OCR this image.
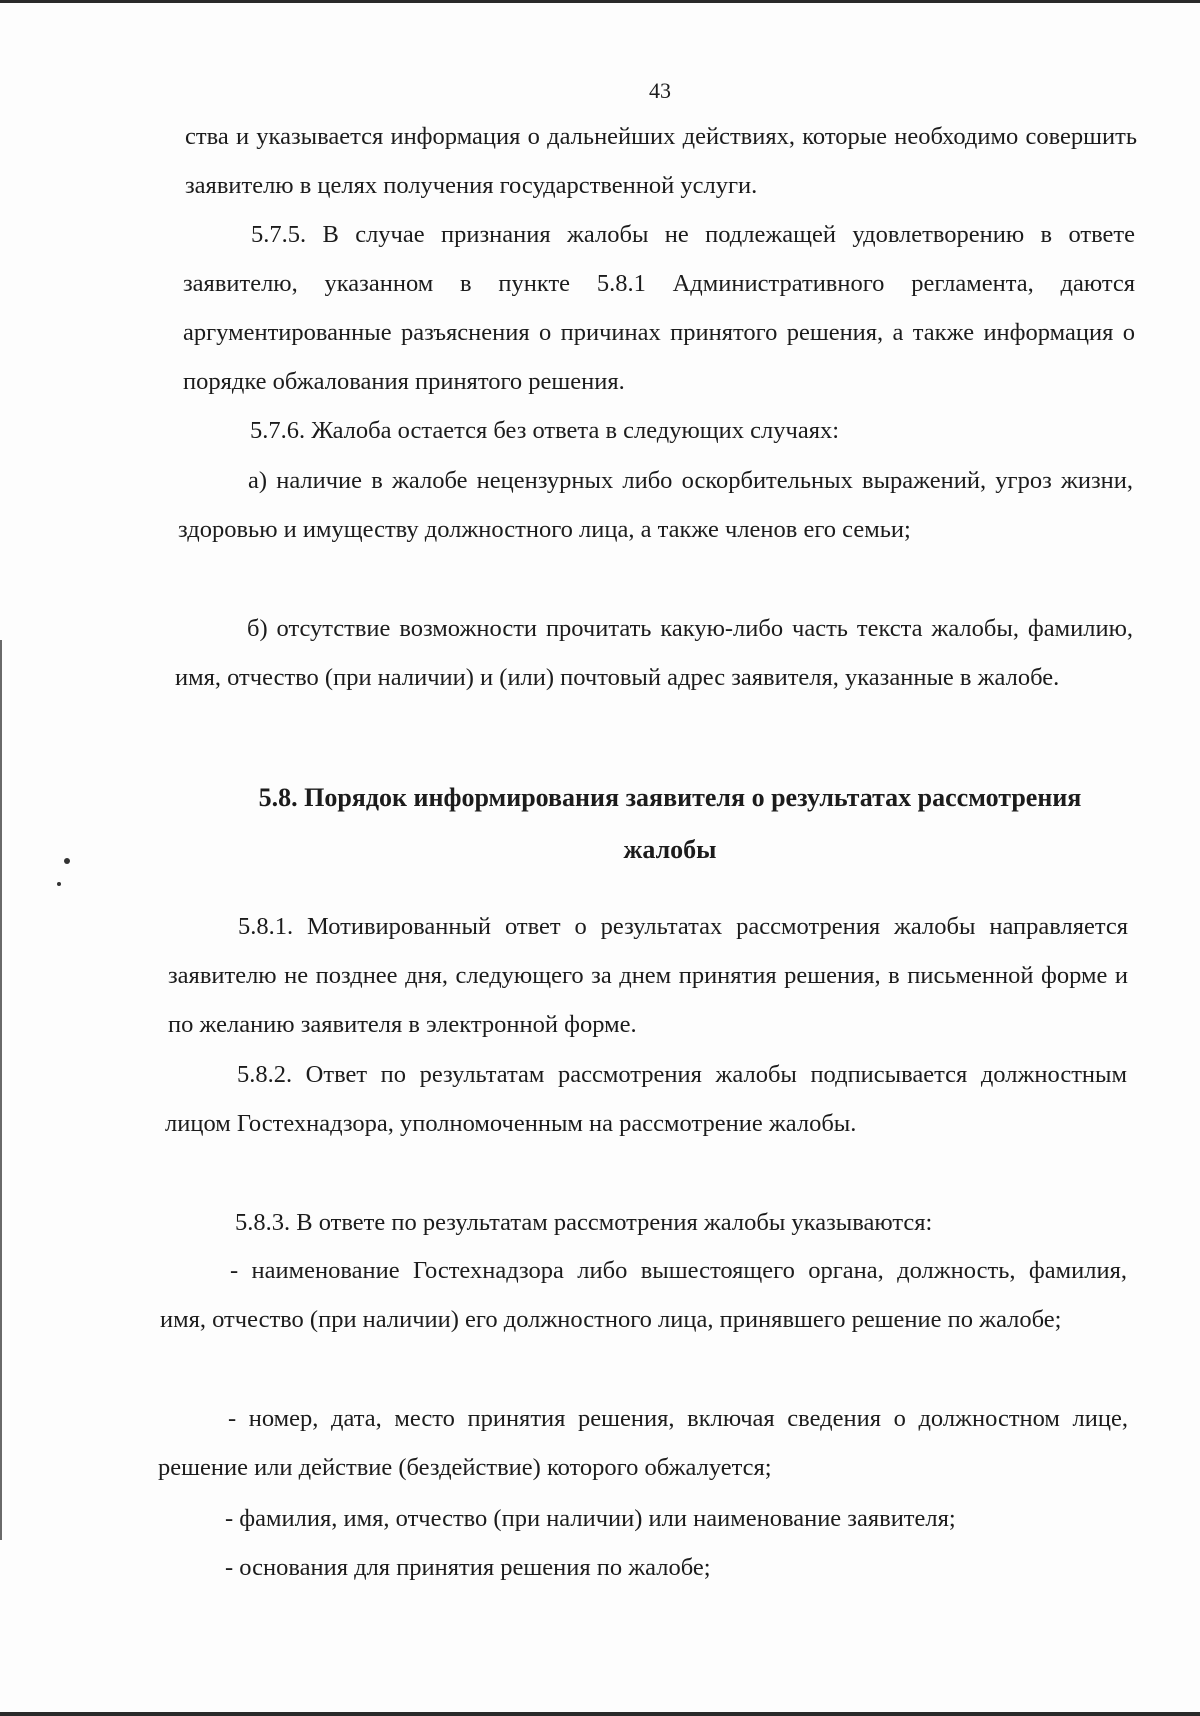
43

ства и указывается информация о дальнейших действиях, которые необходимо совершить заявителю в целях получения государственной услуги.

5.7.5. В случае признания жалобы не подлежащей удовлетворению в ответе заявителю, указанном в пункте 5.8.1 Административного регламента, даются аргументированные разъяснения о причинах принятого решения, а также информация о порядке обжалования принятого решения.

5.7.6. Жалоба остается без ответа в следующих случаях:

а) наличие в жалобе нецензурных либо оскорбительных выражений, угроз жизни, здоровью и имуществу должностного лица, а также членов его семьи;

б) отсутствие возможности прочитать какую-либо часть текста жалобы, фамилию, имя, отчество (при наличии) и (или) почтовый адрес заявителя, указанные в жалобе.

5.8. Порядок информирования заявителя о результатах рассмотрения жалобы

5.8.1. Мотивированный ответ о результатах рассмотрения жалобы направляется заявителю не позднее дня, следующего за днем принятия решения, в письменной форме и по желанию заявителя в электронной форме.

5.8.2. Ответ по результатам рассмотрения жалобы подписывается должностным лицом Гостехнадзора, уполномоченным на рассмотрение жалобы.

5.8.3. В ответе по результатам рассмотрения жалобы указываются:

- наименование Гостехнадзора либо вышестоящего органа, должность, фамилия, имя, отчество (при наличии) его должностного лица, принявшего решение по жалобе;

- номер, дата, место принятия решения, включая сведения о должностном лице, решение или действие (бездействие) которого обжалуется;

- фамилия, имя, отчество (при наличии) или наименование заявителя;

- основания для принятия решения по жалобе;
